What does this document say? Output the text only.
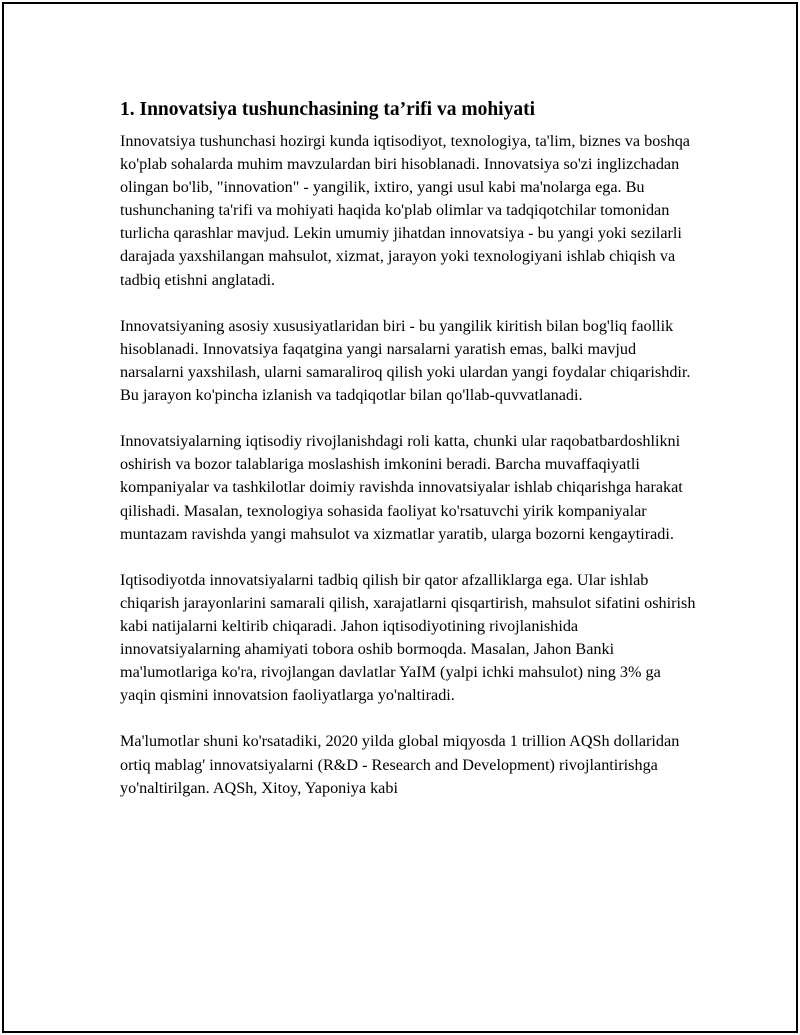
1. Innovatsiya tushunchasining ta’rifi va mohiyati

Innovatsiya tushunchasi hozirgi kunda iqtisodiyot, texnologiya, ta'lim, biznes va boshqa ko'plab sohalarda muhim mavzulardan biri hisoblanadi. Innovatsiya so'zi inglizchadan olingan bo'lib, "innovation" - yangilik, ixtiro, yangi usul kabi ma'nolarga ega. Bu tushunchaning ta'rifi va mohiyati haqida ko'plab olimlar va tadqiqotchilar tomonidan turlicha qarashlar mavjud. Lekin umumiy jihatdan innovatsiya - bu yangi yoki sezilarli darajada yaxshilangan mahsulot, xizmat, jarayon yoki texnologiyani ishlab chiqish va tadbiq etishni anglatadi.

Innovatsiyaning asosiy xususiyatlaridan biri - bu yangilik kiritish bilan bog'liq faollik hisoblanadi. Innovatsiya faqatgina yangi narsalarni yaratish emas, balki mavjud narsalarni yaxshilash, ularni samaraliroq qilish yoki ulardan yangi foydalar chiqarishdir. Bu jarayon ko'pincha izlanish va tadqiqotlar bilan qo'llab-quvvatlanadi.

Innovatsiyalarning iqtisodiy rivojlanishdagi roli katta, chunki ular raqobatbardoshlikni oshirish va bozor talablariga moslashish imkonini beradi. Barcha muvaffaqiyatli kompaniyalar va tashkilotlar doimiy ravishda innovatsiyalar ishlab chiqarishga harakat qilishadi. Masalan, texnologiya sohasida faoliyat ko'rsatuvchi yirik kompaniyalar muntazam ravishda yangi mahsulot va xizmatlar yaratib, ularga bozorni kengaytiradi.

Iqtisodiyotda innovatsiyalarni tadbiq qilish bir qator afzalliklarga ega. Ular ishlab chiqarish jarayonlarini samarali qilish, xarajatlarni qisqartirish, mahsulot sifatini oshirish kabi natijalarni keltirib chiqaradi. Jahon iqtisodiyotining rivojlanishida innovatsiyalarning ahamiyati tobora oshib bormoqda. Masalan, Jahon Banki ma'lumotlariga ko'ra, rivojlangan davlatlar YaIM (yalpi ichki mahsulot) ning 3% ga yaqin qismini innovatsion faoliyatlarga yo'naltiradi.

Ma'lumotlar shuni ko'rsatadiki, 2020 yilda global miqyosda 1 trillion AQSh dollaridan ortiq mablag' innovatsiyalarni (R&D - Research and Development) rivojlantirishga yo'naltirilgan. AQSh, Xitoy, Yaponiya kabi
